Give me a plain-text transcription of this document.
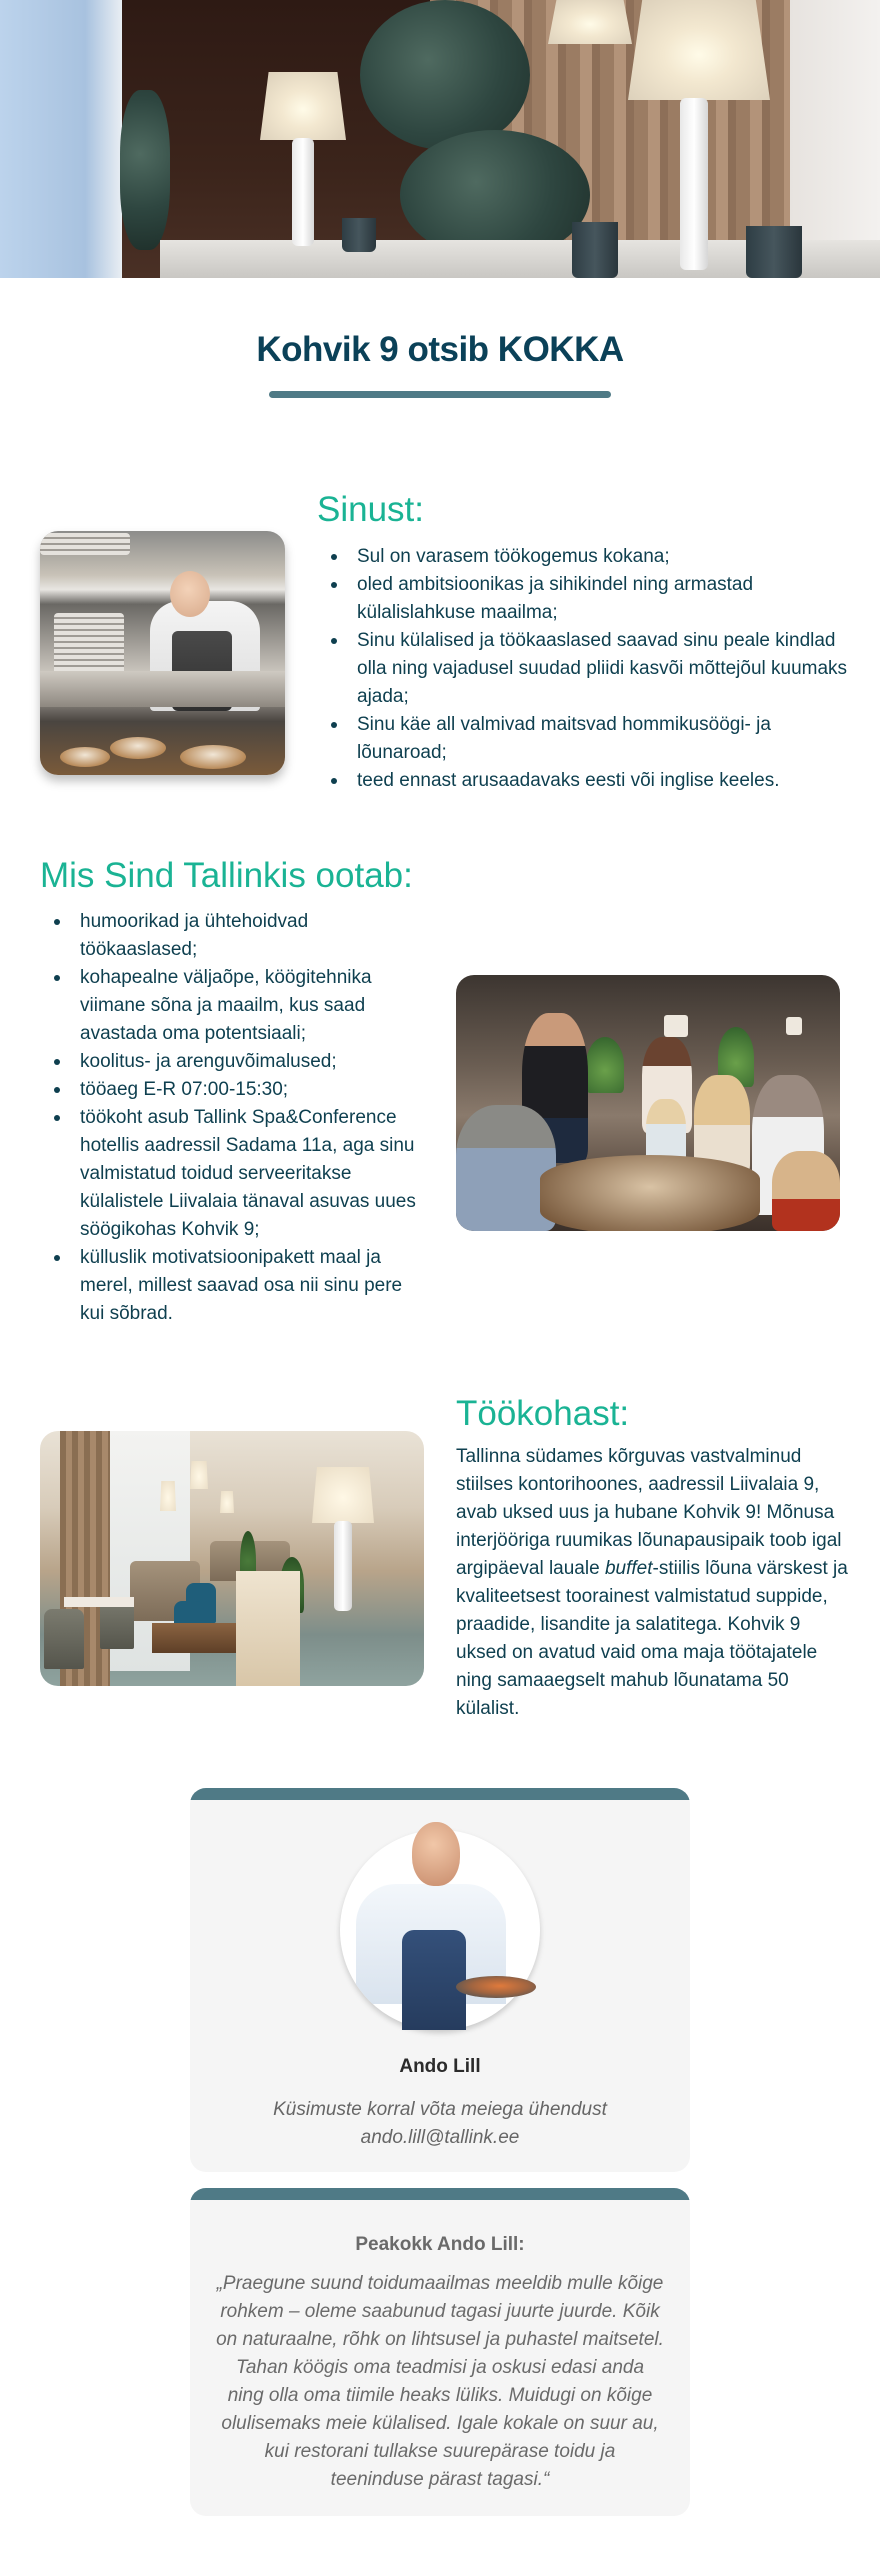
Kohvik 9 otsib KOKKA
Sinust:
Sul on varasem töökogemus kokana;
oled ambitsioonikas ja sihikindel ning armastad külalislahkuse maailma;
Sinu külalised ja töökaaslased saavad sinu peale kindlad olla ning vajadusel suudad pliidi kasvõi mõttejõul kuumaks ajada;
Sinu käe all valmivad maitsvad hommikusöögi- ja lõunaroad;
teed ennast arusaadavaks eesti või inglise keeles.
Mis Sind Tallinkis ootab:
humoorikad ja ühtehoidvad töökaaslased;
kohapealne väljaõpe, köögitehnika viimane sõna ja maailm, kus saad avastada oma potentsiaali;
koolitus- ja arenguvõimalused;
tööaeg E-R 07:00-15:30;
töökoht asub Tallink Spa&Conference hotellis aadressil Sadama 11a, aga sinu valmistatud toidud serveeritakse külalistele Liivalaia tänaval asuvas uues söögikohas Kohvik 9;
külluslik motivatsioonipakett maal ja merel, millest saavad osa nii sinu pere kui sõbrad.
Töökohast:

Tallinna südames kõrguvas vastvalminud stiilses kontorihoones, aadressil Liivalaia 9, avab uksed uus ja hubane Kohvik 9! Mõnusa interjööriga ruumikas lõunapausipaik toob igal argipäeval lauale buffet-stiilis lõuna värskest ja kvaliteetsest toorainest valmistatud suppide, praadide, lisandite ja salatitega. Kohvik 9 uksed on avatud vaid oma maja töötajatele ning samaaegselt mahub lõunatama 50 külalist.

Ando Lill
Küsimuste korral võta meiega ühendust
ando.lill@tallink.ee
Peakokk Ando Lill:
„Praegune suund toidumaailmas meeldib mulle kõige rohkem – oleme saabunud tagasi juurte juurde. Kõik on naturaalne, rõhk on lihtsusel ja puhastel maitsetel. Tahan köögis oma teadmisi ja oskusi edasi anda ning olla oma tiimile heaks lüliks. Muidugi on kõige olulisemaks meie külalised. Igale kokale on suur au, kui restorani tullakse suurepärase toidu ja teeninduse pärast tagasi.“
